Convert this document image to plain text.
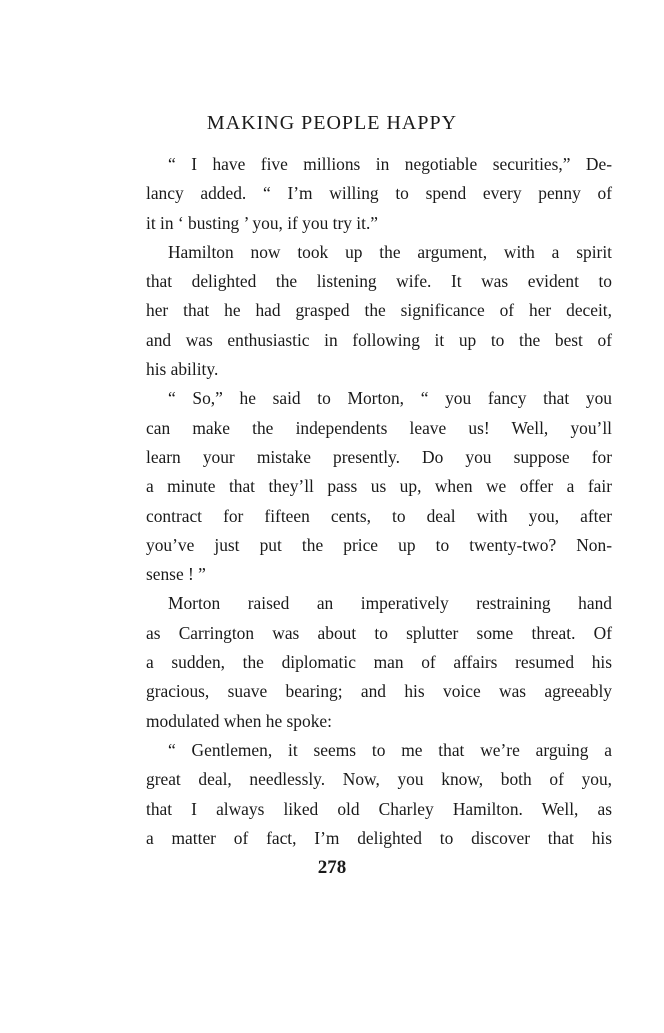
MAKING PEOPLE HAPPY
“ I have five millions in negotiable securities,” De-
lancy added. “ I’m willing to spend every penny of
it in ‘ busting ’ you, if you try it.”
Hamilton now took up the argument, with a spirit
that delighted the listening wife. It was evident to
her that he had grasped the significance of her deceit,
and was enthusiastic in following it up to the best of
his ability.
“ So,” he said to Morton, “ you fancy that you
can make the independents leave us! Well, you’ll
learn your mistake presently. Do you suppose for
a minute that they’ll pass us up, when we offer a fair
contract for fifteen cents, to deal with you, after
you’ve just put the price up to twenty-two? Non-
sense ! ”
Morton raised an imperatively restraining hand
as Carrington was about to splutter some threat. Of
a sudden, the diplomatic man of affairs resumed his
gracious, suave bearing; and his voice was agreeably
modulated when he spoke:
“ Gentlemen, it seems to me that we’re arguing a
great deal, needlessly. Now, you know, both of you,
that I always liked old Charley Hamilton. Well, as
a matter of fact, I’m delighted to discover that his
278
